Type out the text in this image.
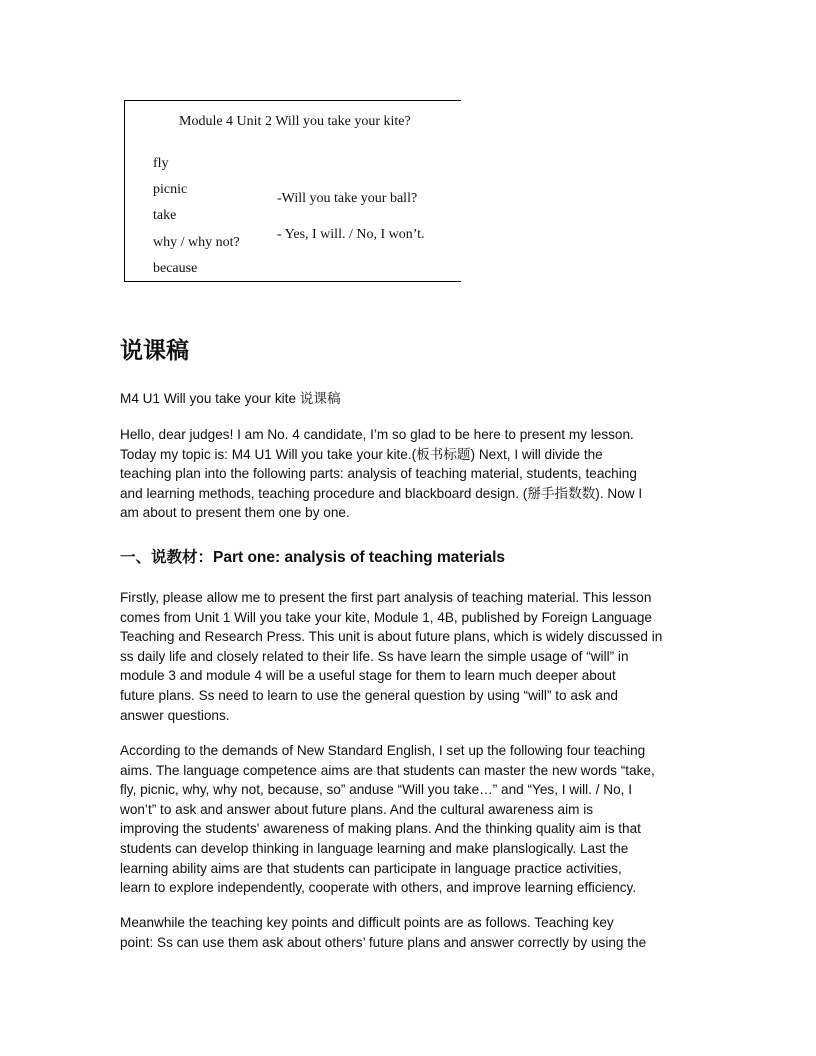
Module 4 Unit 2 Will you take your kite?
fly
picnic
take
why / why not?
because
-Will you take your ball?
- Yes, I will. / No, I won’t.
说课稿

M4 U1 Will you take your kite 说课稿

Hello, dear judges! I am No. 4 candidate, I’m so glad to be here to present my lesson.
Today my topic is: M4 U1 Will you take your kite.(板书标题) Next, I will divide the
teaching plan into the following parts: analysis of teaching material, students, teaching
and learning methods, teaching procedure and blackboard design. (掰手指数数). Now I
am about to present them one by one.

一、说教材：Part one: analysis of teaching materials

Firstly, please allow me to present the first part analysis of teaching material. This lesson
comes from Unit 1 Will you take your kite, Module 1, 4B, published by Foreign Language
Teaching and Research Press. This unit is about future plans, which is widely discussed in
ss daily life and closely related to their life. Ss have learn the simple usage of “will” in
module 3 and module 4 will be a useful stage for them to learn much deeper about
future plans. Ss need to learn to use the general question by using “will” to ask and
answer questions.

According to the demands of New Standard English, I set up the following four teaching
aims. The language competence aims are that students can master the new words “take,
fly, picnic, why, why not, because, so” anduse “Will you take…” and “Yes, I will. / No, I
won’t” to ask and answer about future plans. And the cultural awareness aim is
improving the students' awareness of making plans. And the thinking quality aim is that
students can develop thinking in language learning and make planslogically. Last the
learning ability aims are that students can participate in language practice activities,
learn to explore independently, cooperate with others, and improve learning efficiency.

Meanwhile the teaching key points and difficult points are as follows. Teaching key
point: Ss can use them ask about others’ future plans and answer correctly by using the
